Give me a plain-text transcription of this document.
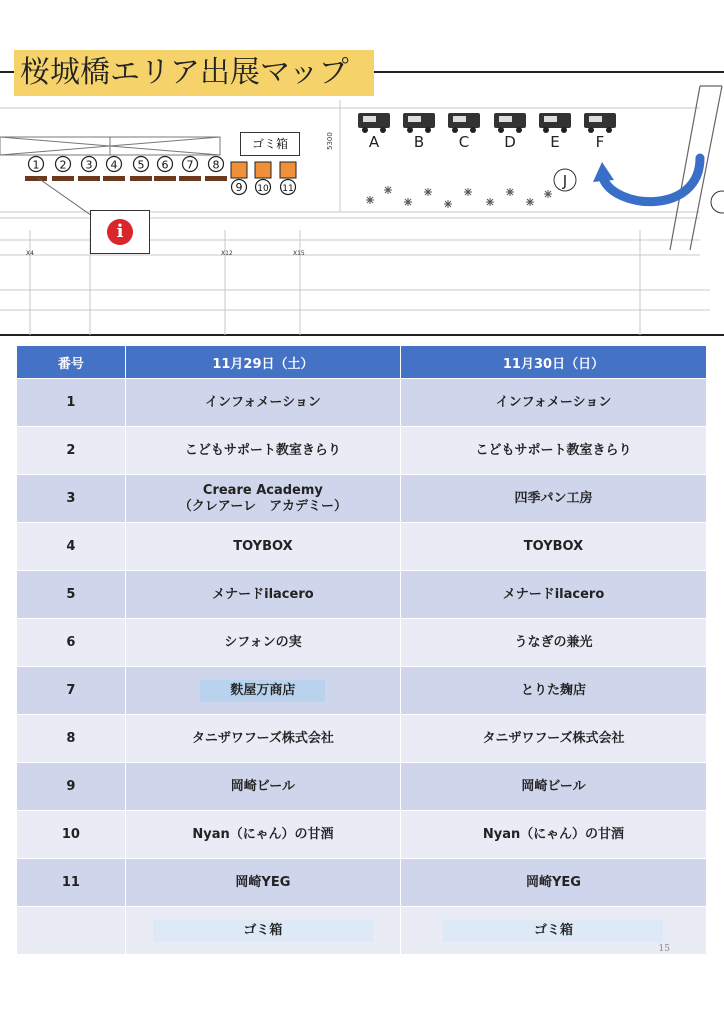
5300
X4	X12	X15
1 2 3 4 5 6 7 8
9 10 11
A B C D E F
J
桜城橋エリア出展マップ
ゴミ箱
i
番号	11月29日（土）	11月30日（日）
1	インフォメーション	インフォメーション
2	こどもサポート教室きらり	こどもサポート教室きらり
3	Creare Academy
（クレアーレ　アカデミー）	四季パン工房
4	TOYBOX	TOYBOX
5	メナードilacero	メナードilacero
6	シフォンの実	うなぎの兼光
7	麩屋万商店	とりた麹店
8	タニザワフーズ株式会社	タニザワフーズ株式会社
9	岡崎ビール	岡崎ビール
10	Nyan（にゃん）の甘酒	Nyan（にゃん）の甘酒
11	岡崎YEG	岡崎YEG
	ゴミ箱	ゴミ箱
15
